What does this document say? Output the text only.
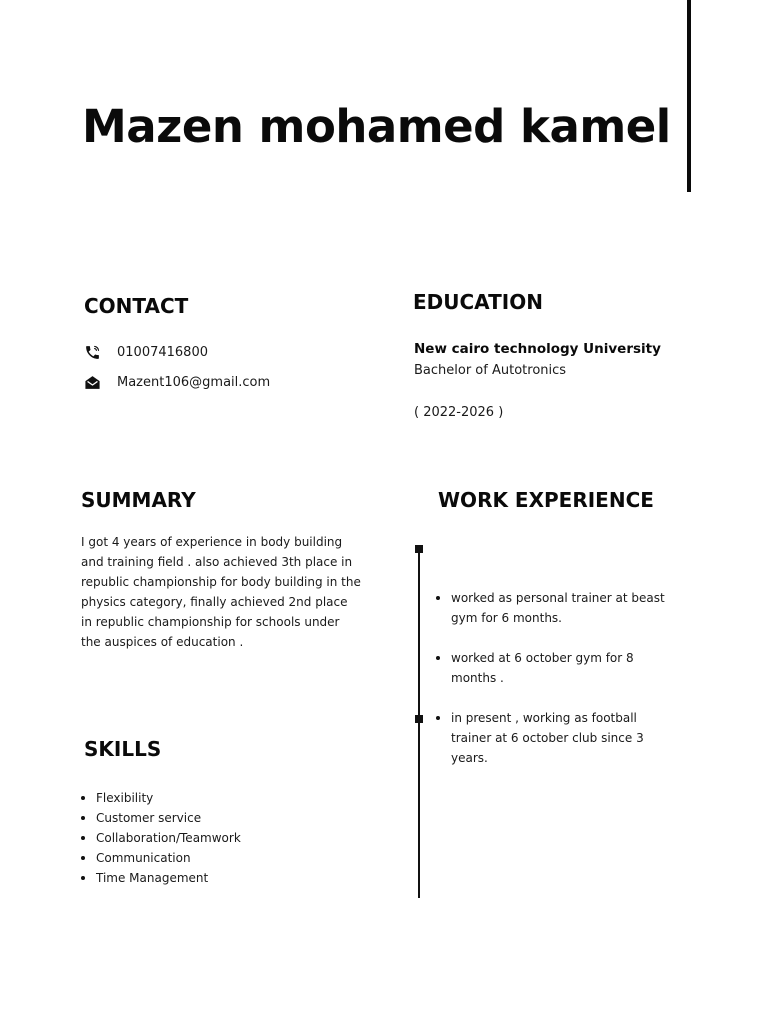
Mazen mohamed kamel
CONTACT
01007416800
Mazent106@gmail.com
EDUCATION
New cairo technology University
Bachelor of Autotronics
( 2022-2026 )
SUMMARY
I got 4 years of experience in body building and training field . also achieved 3th place in republic championship for body building in the physics category, finally achieved 2nd place in republic championship for schools under the auspices of education .
WORK EXPERIENCE
worked as personal trainer at beast gym for 6 months.
worked at 6 october gym for 8 months .
in present , working as football trainer at 6 october club since 3 years.
SKILLS
Flexibility
Customer service
Collaboration/Teamwork
Communication
Time Management
